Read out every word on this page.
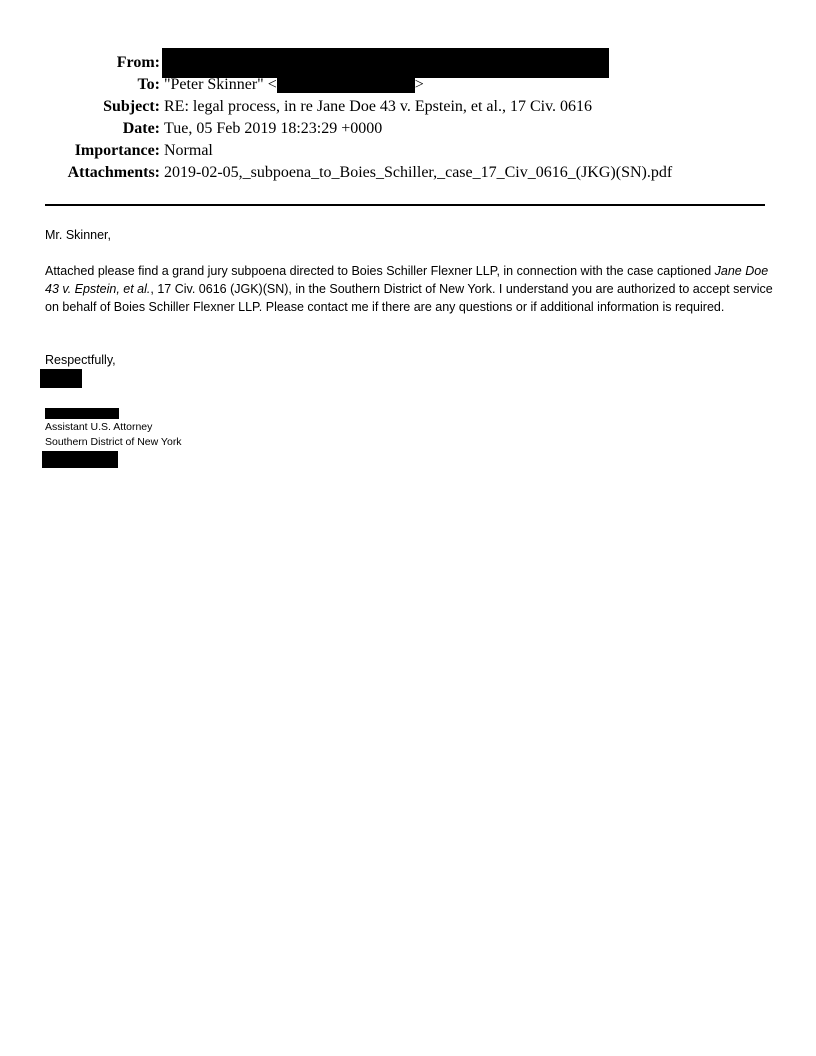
From:
To: "Peter Skinner" <	>
Subject: RE: legal process, in re Jane Doe 43 v. Epstein, et al., 17 Civ. 0616
Date: Tue, 05 Feb 2019 18:23:29 +0000
Importance: Normal
Attachments: 2019-02-05,_subpoena_to_Boies_Schiller,_case_17_Civ_0616_(JKG)(SN).pdf
Mr. Skinner,
Attached please find a grand jury subpoena directed to Boies Schiller Flexner LLP, in connection with the case captioned Jane Doe 43 v. Epstein, et al., 17 Civ. 0616 (JGK)(SN), in the Southern District of New York. I understand you are authorized to accept service on behalf of Boies Schiller Flexner LLP. Please contact me if there are any questions or if additional information is required.
Respectfully,
Assistant U.S. Attorney
Southern District of New York
